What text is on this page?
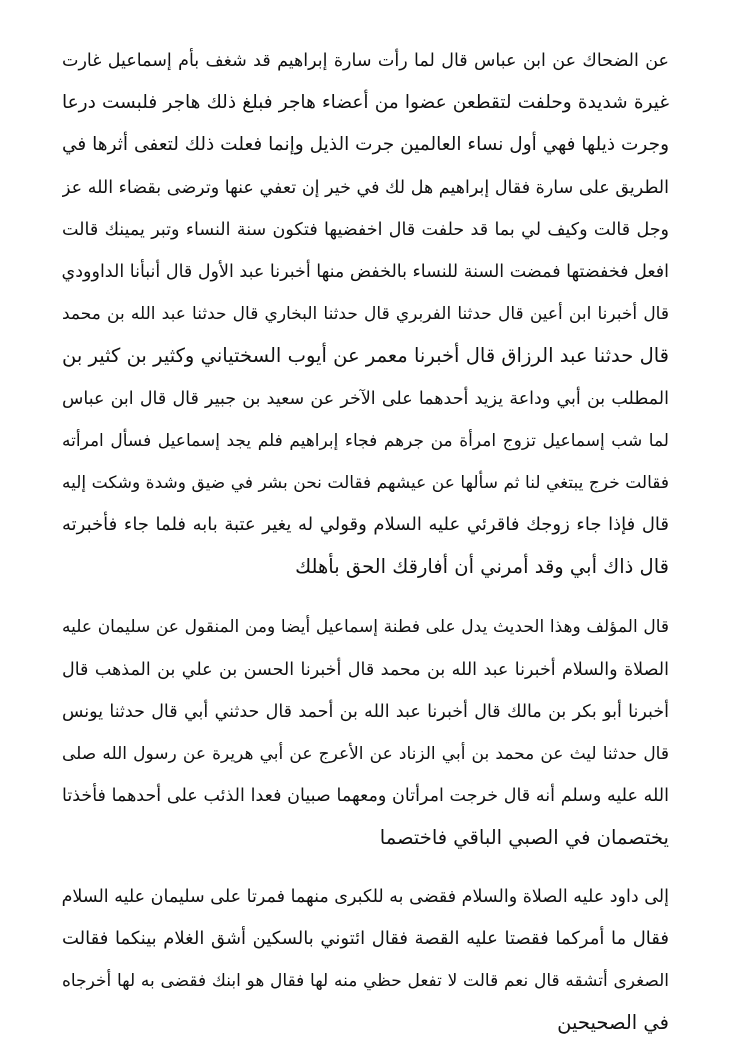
عن الضحاك عن ابن عباس قال لما رأت سارة إبراهيم قد شغف بأم إسماعيل غارت
غيرة شديدة وحلفت لتقطعن عضوا من أعضاء هاجر فبلغ ذلك هاجر فلبست درعا
وجرت ذيلها فهي أول نساء العالمين جرت الذيل وإنما فعلت ذلك لتعفى أثرها في
الطريق على سارة فقال إبراهيم هل لك في خير إن تعفي عنها وترضى بقضاء الله عز
وجل قالت وكيف لي بما قد حلفت قال اخفضيها فتكون سنة النساء وتبر يمينك قالت
افعل فخفضتها فمضت السنة للنساء بالخفض منها أخبرنا عبد الأول قال أنبأنا الداوودي
قال أخبرنا ابن أعين قال حدثنا الفربري قال حدثنا البخاري قال حدثنا عبد الله بن محمد
قال حدثنا عبد الرزاق قال أخبرنا معمر عن أيوب السختياني وكثير بن كثير بن
المطلب بن أبي وداعة يزيد أحدهما على الآخر عن سعيد بن جبير قال قال ابن عباس
لما شب إسماعيل تزوج امرأة من جرهم فجاء إبراهيم فلم يجد إسماعيل فسأل امرأته
فقالت خرج يبتغي لنا ثم سألها عن عيشهم فقالت نحن بشر في ضيق وشدة وشكت إليه
قال فإذا جاء زوجك فاقرئي عليه السلام وقولي له يغير عتبة بابه فلما جاء فأخبرته
قال ذاك أبي وقد أمرني أن أفارقك الحق بأهلك
قال المؤلف وهذا الحديث يدل على فطنة إسماعيل أيضا ومن المنقول عن سليمان عليه
الصلاة والسلام أخبرنا عبد الله بن محمد قال أخبرنا الحسن بن علي بن المذهب قال
أخبرنا أبو بكر بن مالك قال أخبرنا عبد الله بن أحمد قال حدثني أبي قال حدثنا يونس
قال حدثنا ليث عن محمد بن أبي الزناد عن الأعرج عن أبي هريرة عن رسول الله صلى
الله عليه وسلم أنه قال خرجت امرأتان ومعهما صبيان فعدا الذئب على أحدهما فأخذتا
يختصمان في الصبي الباقي فاختصما
إلى داود عليه الصلاة والسلام فقضى به للكبرى منهما فمرتا على سليمان عليه السلام
فقال ما أمركما فقصتا عليه القصة فقال ائتوني بالسكين أشق الغلام بينكما فقالت
الصغرى أتشقه قال نعم قالت لا تفعل حظي منه لها فقال هو ابنك فقضى به لها أخرجاه
في الصحيحين
